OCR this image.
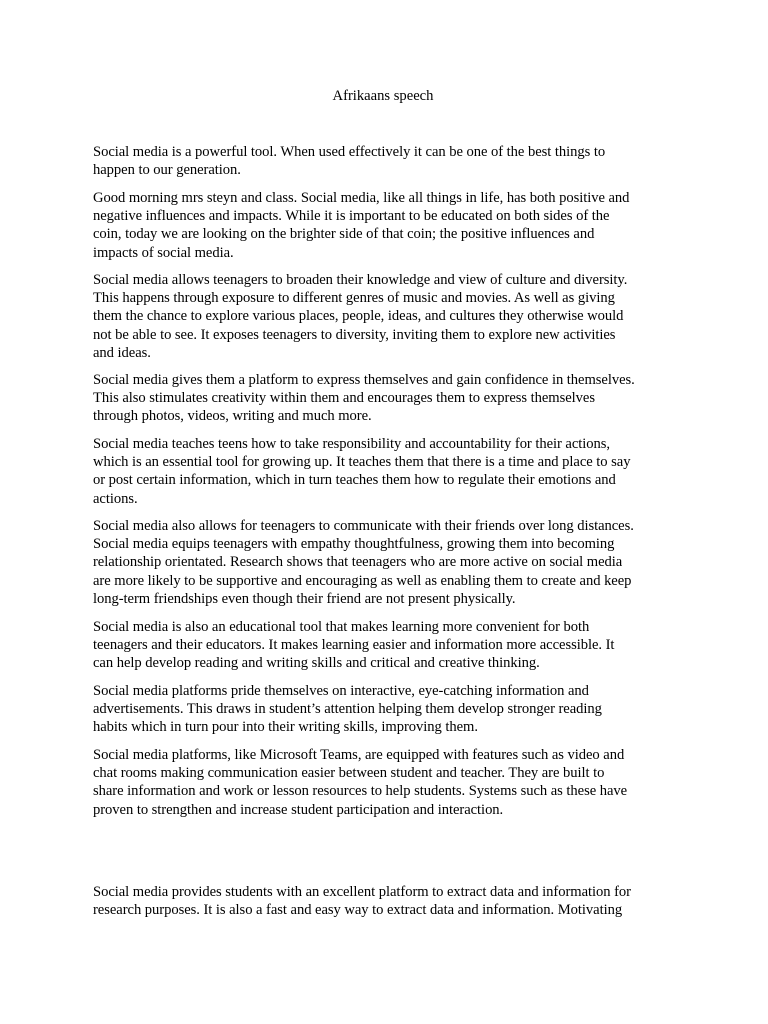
Afrikaans speech

Social media is a powerful tool. When used effectively it can be one of the best things to
happen to our generation.

Good morning mrs steyn and class. Social media, like all things in life, has both positive and
negative influences and impacts. While it is important to be educated on both sides of the
coin, today we are looking on the brighter side of that coin; the positive influences and
impacts of social media.

Social media allows teenagers to broaden their knowledge and view of culture and diversity.
This happens through exposure to different genres of music and movies. As well as giving
them the chance to explore various places, people, ideas, and cultures they otherwise would
not be able to see. It exposes teenagers to diversity, inviting them to explore new activities
and ideas.

Social media gives them a platform to express themselves and gain confidence in themselves.
This also stimulates creativity within them and encourages them to express themselves
through photos, videos, writing and much more.

Social media teaches teens how to take responsibility and accountability for their actions,
which is an essential tool for growing up. It teaches them that there is a time and place to say
or post certain information, which in turn teaches them how to regulate their emotions and
actions.

Social media also allows for teenagers to communicate with their friends over long distances.
Social media equips teenagers with empathy thoughtfulness, growing them into becoming
relationship orientated. Research shows that teenagers who are more active on social media
are more likely to be supportive and encouraging as well as enabling them to create and keep
long-term friendships even though their friend are not present physically.

Social media is also an educational tool that makes learning more convenient for both
teenagers and their educators. It makes learning easier and information more accessible. It
can help develop reading and writing skills and critical and creative thinking.

Social media platforms pride themselves on interactive, eye-catching information and
advertisements. This draws in student’s attention helping them develop stronger reading
habits which in turn pour into their writing skills, improving them.

Social media platforms, like Microsoft Teams, are equipped with features such as video and
chat rooms making communication easier between student and teacher. They are built to
share information and work or lesson resources to help students. Systems such as these have
proven to strengthen and increase student participation and interaction.

Social media provides students with an excellent platform to extract data and information for
research purposes. It is also a fast and easy way to extract data and information. Motivating
